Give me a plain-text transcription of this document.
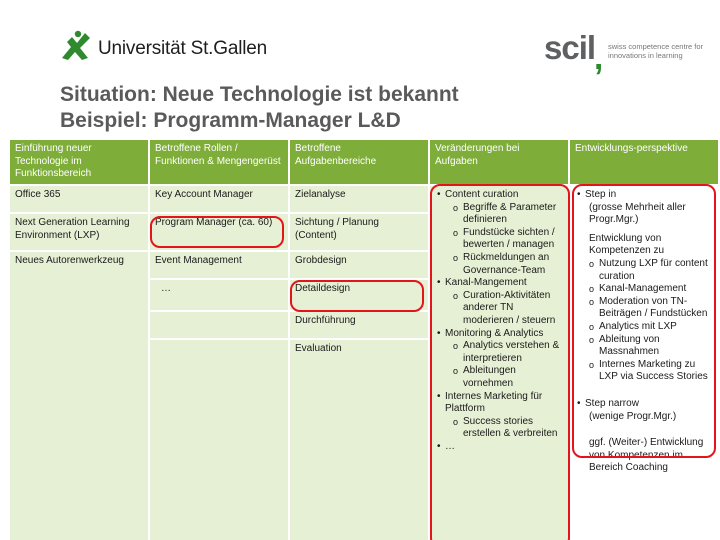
Universität St.Gallen	scil
, swiss competence centre for
innovations in learning
Situation: Neue Technologie ist bekannt
Beispiel: Programm-Manager L&D
Einführung neuer Technologie im Funktionsbereich
Betroffene Rollen / Funktionen & Mengengerüst
Betroffene Aufgabenbereiche
Veränderungen bei Aufgaben
Entwicklungs-perspektive
Office 365
Next Generation Learning Environment (LXP)
Neues Autorenwerkzeug
Key Account Manager
Program Manager (ca. 60)
Event Management
…
Zielanalyse
Sichtung / Planung (Content)
Grobdesign
Detaildesign
Durchführung
Evaluation
• Content curation
o Begriffe & Parameter definieren
o Fundstücke sichten / bewerten / managen
o Rückmeldungen an Governance-Team
• Kanal-Mangement
o Curation-Aktivitäten anderer TN moderieren / steuern
• Monitoring & Analytics
o Analytics verstehen & interpretieren
o Ableitungen vornehmen
• Internes Marketing für Plattform
o Success stories erstellen & verbreiten
• …
• Step in
(grosse Mehrheit aller Progr.Mgr.)
Entwicklung von Kompetenzen zu
o Nutzung LXP für content curation
o Kanal-Management
o Moderation von TN-Beiträgen / Fundstücken
o Analytics mit LXP
o Ableitung von Massnahmen
o Internes Marketing zu LXP via Success Stories
• Step narrow
(wenige Progr.Mgr.)
ggf. (Weiter-) Entwicklung von Kompetenzen im Bereich Coaching
